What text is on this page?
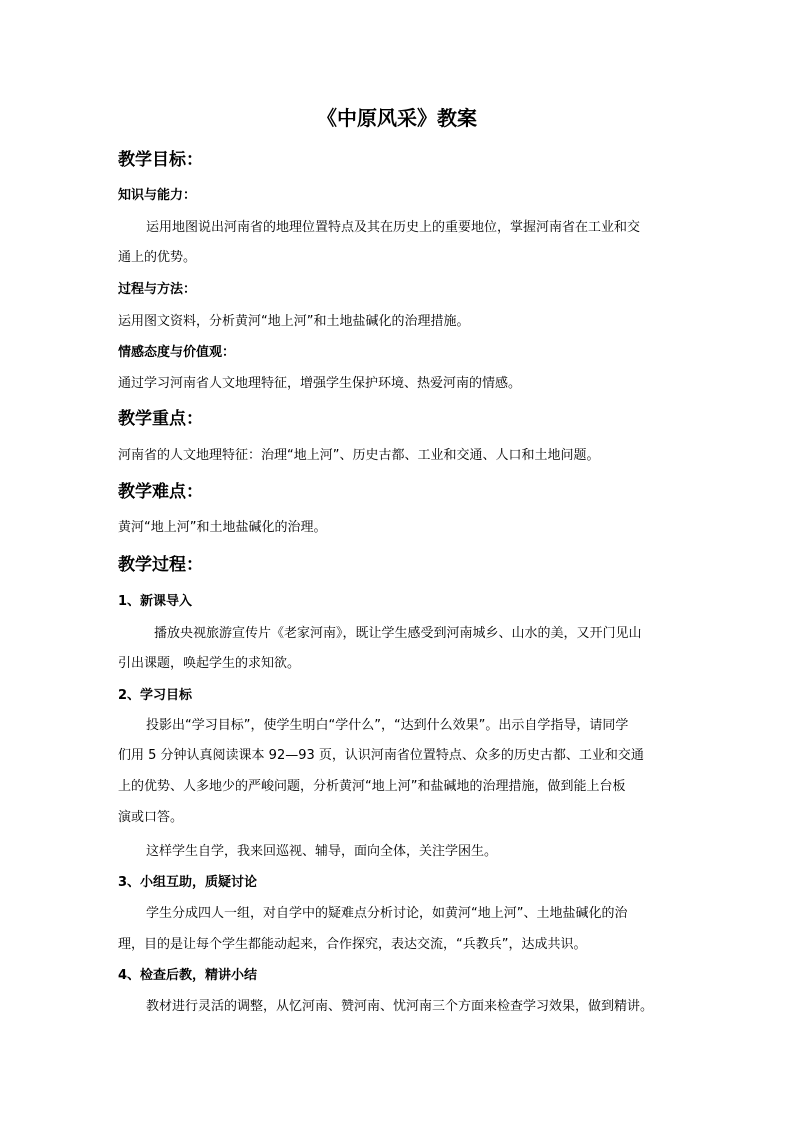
《中原风采》教案
教学目标：
知识与能力：
运用地图说出河南省的地理位置特点及其在历史上的重要地位，掌握河南省在工业和交
通上的优势。
过程与方法：
运用图文资料，分析黄河“地上河”和土地盐碱化的治理措施。
情感态度与价值观：
通过学习河南省人文地理特征，增强学生保护环境、热爱河南的情感。
教学重点：
河南省的人文地理特征：治理“地上河”、历史古都、工业和交通、人口和土地问题。
教学难点：
黄河“地上河”和土地盐碱化的治理。
教学过程：
1、新课导入
播放央视旅游宣传片《老家河南》，既让学生感受到河南城乡、山水的美，又开门见山
引出课题，唤起学生的求知欲。
2、学习目标
投影出“学习目标”，使学生明白“学什么”，“达到什么效果”。出示自学指导，请同学
们用 5 分钟认真阅读课本 92—93 页，认识河南省位置特点、众多的历史古都、工业和交通
上的优势、人多地少的严峻问题，分析黄河“地上河”和盐碱地的治理措施，做到能上台板
演或口答。
这样学生自学，我来回巡视、辅导，面向全体，关注学困生。
3、小组互助，质疑讨论
学生分成四人一组，对自学中的疑难点分析讨论，如黄河“地上河”、土地盐碱化的治
理，目的是让每个学生都能动起来，合作探究，表达交流，“兵教兵”，达成共识。
4、检查后教，精讲小结
教材进行灵活的调整，从忆河南、赞河南、忧河南三个方面来检查学习效果，做到精讲。
